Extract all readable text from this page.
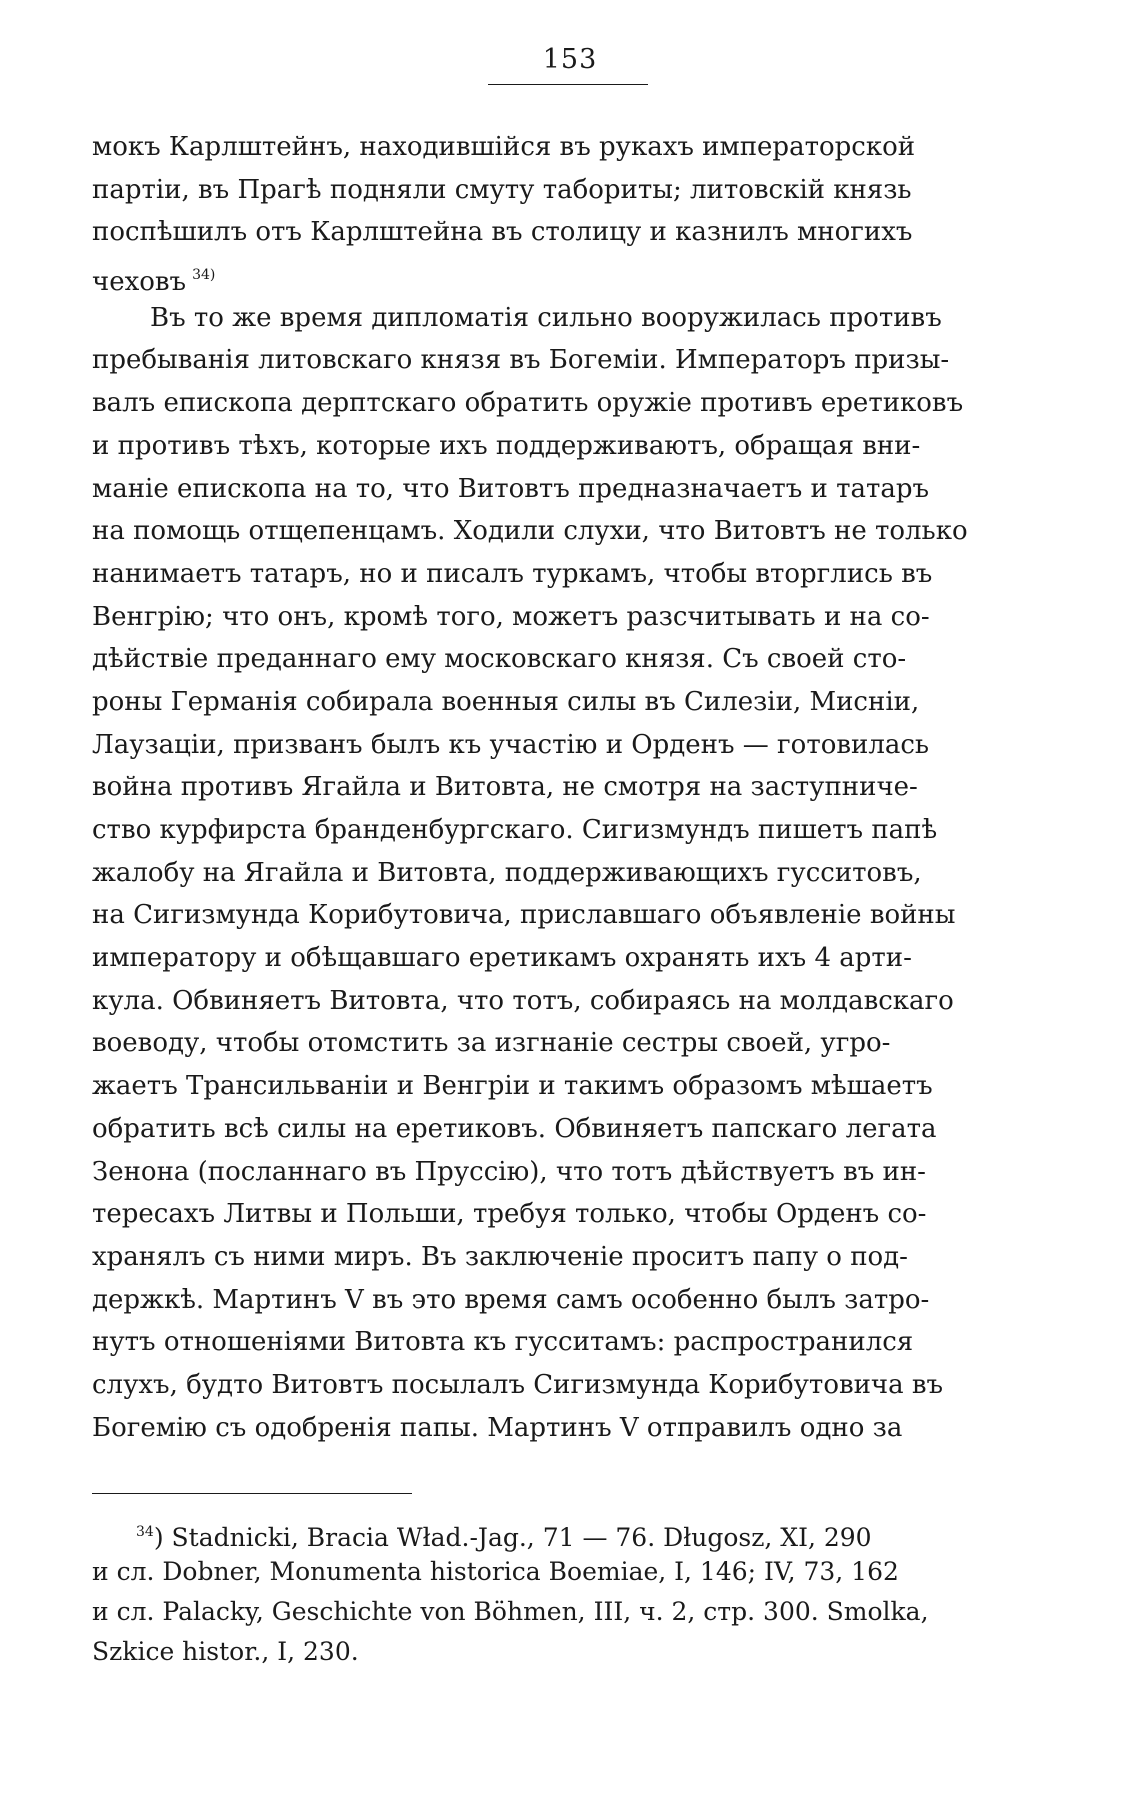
153
мокъ Карлштейнъ, находившійся въ рукахъ императорской
партіи, въ Прагѣ подняли смуту табориты; литовскій князь
поспѣшилъ отъ Карлштейна въ столицу и казнилъ многихъ
чеховъ $^{34)}$
Въ то же время дипломатія сильно вооружилась противъ
пребыванія литовскаго князя въ Богеміи. Императоръ призы-
валъ епископа дерптскаго обратить оружіе противъ еретиковъ
и противъ тѣхъ, которые ихъ поддерживаютъ, обращая вни-
маніе епископа на то, что Витовтъ предназначаетъ и татаръ
на помощь отщепенцамъ. Ходили слухи, что Витовтъ не только
нанимаетъ татаръ, но и писалъ туркамъ, чтобы вторглись въ
Венгрію; что онъ, кромѣ того, можетъ разсчитывать и на со-
дѣйствіе преданнаго ему московскаго князя. Съ своей сто-
роны Германія собирала военныя силы въ Силезіи, Мисніи,
Лаузаціи, призванъ былъ къ участію и Орденъ — готовилась
война противъ Ягайла и Витовта, не смотря на заступниче-
ство курфирста бранденбургскаго. Сигизмундъ пишетъ папѣ
жалобу на Ягайла и Витовта, поддерживающихъ гусситовъ,
на Сигизмунда Корибутовича, приславшаго объявленіе войны
императору и обѣщавшаго еретикамъ охранять ихъ 4 арти-
кула. Обвиняетъ Витовта, что тотъ, собираясь на молдавскаго
воеводу, чтобы отомстить за изгнаніе сестры своей, угро-
жаетъ Трансильваніи и Венгріи и такимъ образомъ мѣшаетъ
обратить всѣ силы на еретиковъ. Обвиняетъ папскаго легата
Зенона (посланнаго въ Пруссію), что тотъ дѣйствуетъ въ ин-
тересахъ Литвы и Польши, требуя только, чтобы Орденъ со-
хранялъ съ ними миръ. Въ заключеніе проситъ папу о под-
держкѣ. Мартинъ V въ это время самъ особенно былъ затро-
нутъ отношеніями Витовта къ гусситамъ: распространился
слухъ, будто Витовтъ посылалъ Сигизмунда Корибутовича въ
Богемію съ одобренія папы. Мартинъ V отправилъ одно за
$^{34}$) Stadnicki, Bracia Wład.-Jag., 71 — 76. Długosz, XI, 290
и сл. Dobner, Monumenta historica Boemiae, I, 146; IV, 73, 162
и сл. Palacky, Geschichte von Böhmen, III, ч. 2, стр. 300. Smolka,
Szkice histor., I, 230.
